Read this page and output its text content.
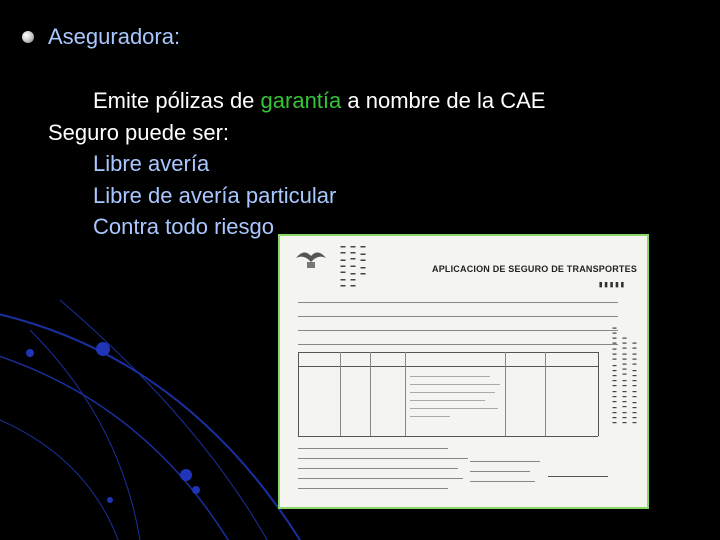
Aseguradora:
Emite pólizas de garantía a nombre de la CAE
Seguro puede ser:
Libre avería
Libre de avería particular
Contra todo riesgo
▬▬ ▬▬▬ ▬▬ ▬▬▬ ▬ ▬▬▬ ▬▬ ▬▬ ▬	APLICACION DE SEGURO DE TRANSPORTES
▮▮▮▮▮
▬▬▬▬ ▬▬▬ ▬▬▬▬▬ ▬▬▬ ▬▬▬▬ ▬▬▬ ▬▬▬▬ ▬▬ ▬▬▬▬▬ ▬▬▬ ▬▬▬▬▬ ▬▬ ▬▬▬▬ ▬▬▬ ▬▬
